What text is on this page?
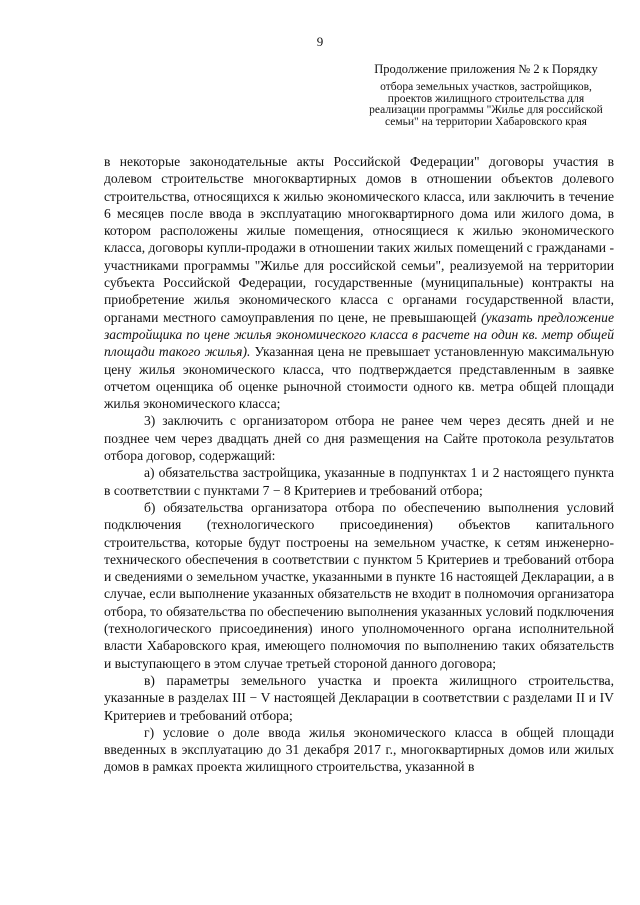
9
Продолжение приложения № 2 к Порядку
отбора земельных участков, застройщиков, проектов жилищного строительства для реализации программы "Жилье для российской семьи" на территории Хабаровского края

в некоторые законодательные акты Российской Федерации" договоры участия в долевом строительстве многоквартирных домов в отношении объектов долевого строительства, относящихся к жилью экономического класса, или заключить в течение 6 месяцев после ввода в эксплуатацию многоквартирного дома или жилого дома, в котором расположены жилые помещения, относящиеся к жилью экономического класса, договоры купли-продажи в отношении таких жилых помещений с гражданами - участниками программы "Жилье для российской семьи", реализуемой на территории субъекта Российской Федерации, государственные (муниципальные) контракты на приобретение жилья экономического класса с органами государственной власти, органами местного самоуправления по цене, не превышающей (указать предложение застройщика по цене жилья экономического класса в расчете на один кв. метр общей площади такого жилья). Указанная цена не превышает установленную максимальную цену жилья экономического класса, что подтверждается представленным в заявке отчетом оценщика об оценке рыночной стоимости одного кв. метра общей площади жилья экономического класса;

3) заключить с организатором отбора не ранее чем через десять дней и не позднее чем через двадцать дней со дня размещения на Сайте протокола результатов отбора договор, содержащий:

а) обязательства застройщика, указанные в подпунктах 1 и 2 настоящего пункта в соответствии с пунктами 7 − 8 Критериев и требований отбора;

б) обязательства организатора отбора по обеспечению выполнения условий подключения (технологического присоединения) объектов капитального строительства, которые будут построены на земельном участке, к сетям инженерно-технического обеспечения в соответствии с пунктом 5 Критериев и требований отбора и сведениями о земельном участке, указанными в пункте 16 настоящей Декларации, а в случае, если выполнение указанных обязательств не входит в полномочия организатора отбора, то обязательства по обеспечению выполнения указанных условий подключения (технологического присоединения) иного уполномоченного органа исполнительной власти Хабаровского края, имеющего полномочия по выполнению таких обязательств и выступающего в этом случае третьей стороной данного договора;

в) параметры земельного участка и проекта жилищного строительства, указанные в разделах III − V настоящей Декларации в соответствии с разделами II и IV Критериев и требований отбора;

г) условие о доле ввода жилья экономического класса в общей площади введенных в эксплуатацию до 31 декабря 2017 г., многоквартирных домов или жилых домов в рамках проекта жилищного строительства, указанной в
